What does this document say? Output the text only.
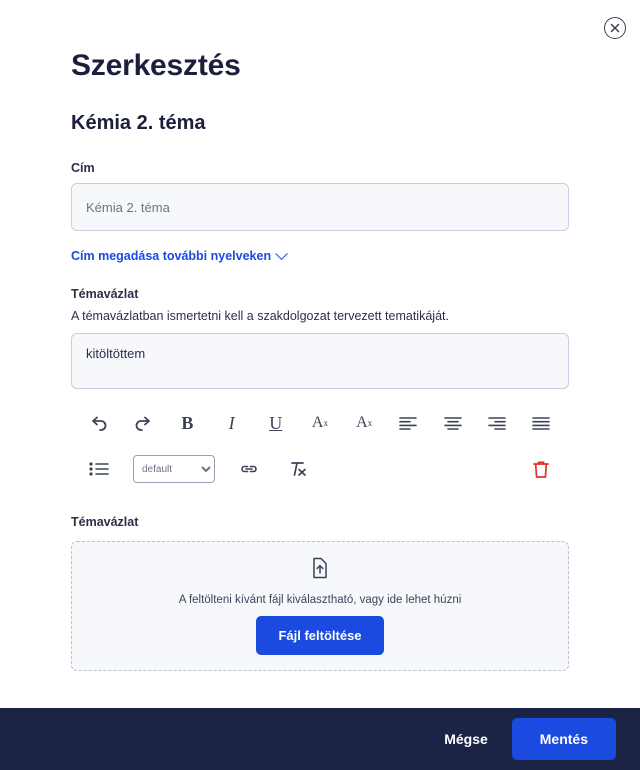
Szerkesztés
Kémia 2. téma
Cím
Kémia 2. téma
Cím megadása további nyelveken
Témavázlat
A témavázlatban ismertetni kell a szakdolgozat tervezett tematikáját.
kitöltöttem
B	I	U	A x	A x
default
Témavázlat
A feltölteni kívánt fájl kiválasztható, vagy ide lehet húzni
Fájl feltöltése
Mégse	Mentés
